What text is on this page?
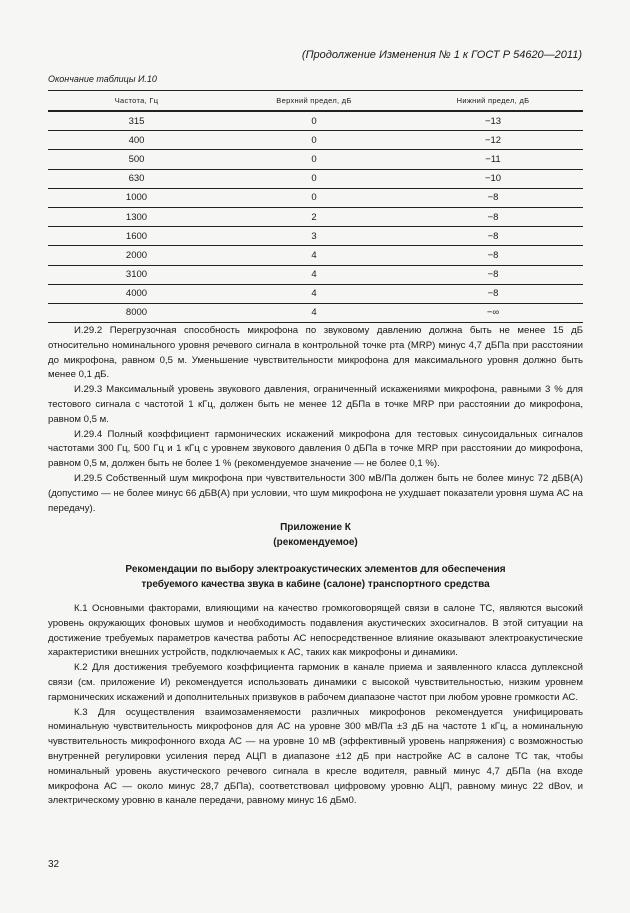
(Продолжение Изменения № 1 к ГОСТ Р 54620—2011)
Окончание таблицы И.10
Частота, Гц	Верхний предел, дБ	Нижний предел, дБ
315	0	−13
400	0	−12
500	0	−11
630	0	−10
1000	0	−8
1300	2	−8
1600	3	−8
2000	4	−8
3100	4	−8
4000	4	−8
8000	4	−∞

И.29.2 Перегрузочная способность микрофона по звуковому давлению должна быть не менее 15 дБ относительно номинального уровня речевого сигнала в контрольной точке рта (MRP) минус 4,7 дБПа при расстоянии до микрофона, равном 0,5 м. Уменьшение чувствительности микрофона для максимального уровня должно быть менее 0,1 дБ.

И.29.3 Максимальный уровень звукового давления, ограниченный искажениями микрофона, равными 3 % для тестового сигнала с частотой 1 кГц, должен быть не менее 12 дБПа в точке MRP при расстоянии до микрофона, равном 0,5 м.

И.29.4 Полный коэффициент гармонических искажений микрофона для тестовых синусоидальных сигналов частотами 300 Гц, 500 Гц и 1 кГц с уровнем звукового давления 0 дБПа в точке MRP при расстоянии до микрофона, равном 0,5 м, должен быть не более 1 % (рекомендуемое значение — не более 0,1 %).

И.29.5 Собственный шум микрофона при чувствительности 300 мВ/Па должен быть не более минус 72 дБВ(А) (допустимо — не более минус 66 дБВ(А) при условии, что шум микрофона не ухудшает показатели уровня шума АС на передачу).

Приложение К
(рекомендуемое)
Рекомендации по выбору электроакустических элементов для обеспечения
требуемого качества звука в кабине (салоне) транспортного средства

К.1 Основными факторами, влияющими на качество громкоговорящей связи в салоне ТС, являются высокий уровень окружающих фоновых шумов и необходимость подавления акустических эхосигналов. В этой ситуации на достижение требуемых параметров качества работы АС непосредственное влияние оказывают электроакустические характеристики внешних устройств, подключаемых к АС, таких как микрофоны и динамики.

К.2 Для достижения требуемого коэффициента гармоник в канале приема и заявленного класса дуплексной связи (см. приложение И) рекомендуется использовать динамики с высокой чувствительностью, низким уровнем гармонических искажений и дополнительных призвуков в рабочем диапазоне частот при любом уровне громкости АС.

К.3 Для осуществления взаимозаменяемости различных микрофонов рекомендуется унифицировать номинальную чувствительность микрофонов для АС на уровне 300 мВ/Па ±3 дБ на частоте 1 кГц, а номинальную чувствительность микрофонного входа АС — на уровне 10 мВ (эффективный уровень напряжения) с возможностью внутренней регулировки усиления перед АЦП в диапазоне ±12 дБ при настройке АС в салоне ТС так, чтобы номинальный уровень акустического речевого сигнала в кресле водителя, равный минус 4,7 дБПа (на входе микрофона АС — около минус 28,7 дБПа), соответствовал цифровому уровню АЦП, равному минус 22 dBov, и электрическому уровню в канале передачи, равному минус 16 дБм0.

32
